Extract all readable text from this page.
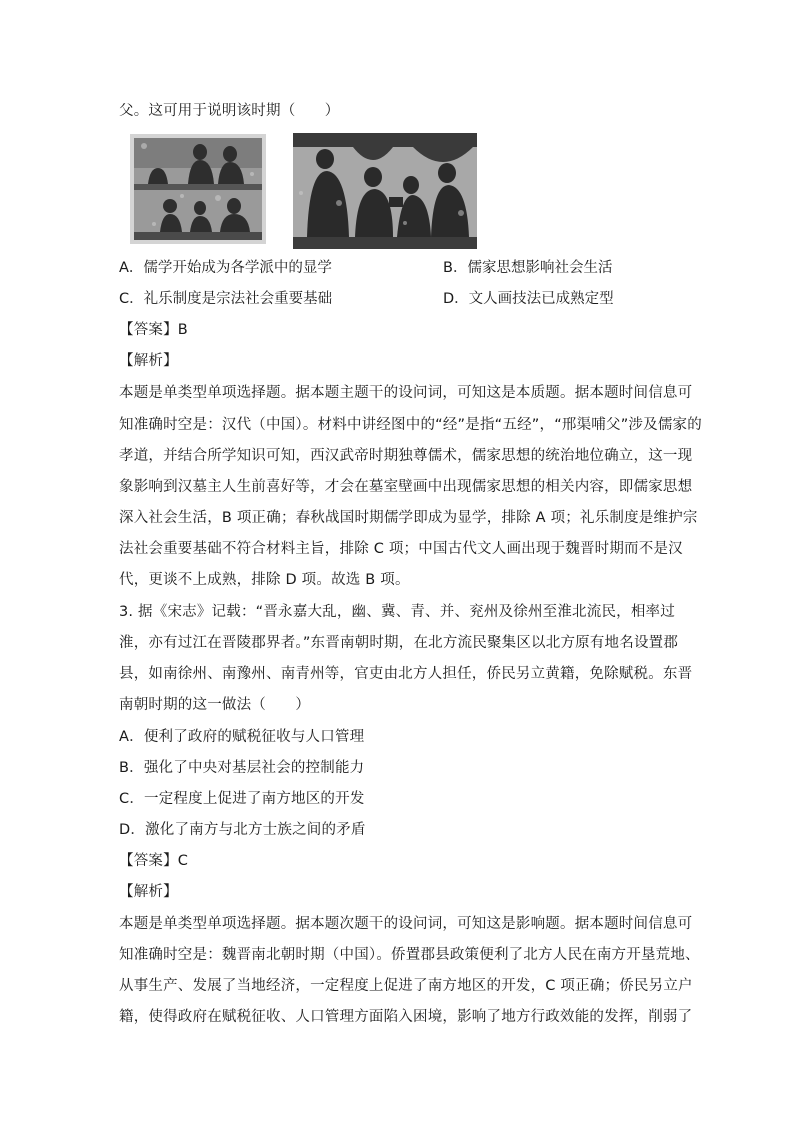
父。这可用于说明该时期（　　）
A．儒学开始成为各学派中的显学	B．儒家思想影响社会生活
C．礼乐制度是宗法社会重要基础	D．文人画技法已成熟定型
【答案】B
【解析】
本题是单类型单项选择题。据本题主题干的设问词，可知这是本质题。据本题时间信息可
知准确时空是：汉代（中国）。材料中讲经图中的“经”是指“五经”，“邢渠哺父”涉及儒家的
孝道，并结合所学知识可知，西汉武帝时期独尊儒术，儒家思想的统治地位确立，这一现
象影响到汉墓主人生前喜好等，才会在墓室壁画中出现儒家思想的相关内容，即儒家思想
深入社会生活，B 项正确；春秋战国时期儒学即成为显学，排除 A 项；礼乐制度是维护宗
法社会重要基础不符合材料主旨，排除 C 项；中国古代文人画出现于魏晋时期而不是汉
代，更谈不上成熟，排除 D 项。故选 B 项。
3. 据《宋志》记载：“晋永嘉大乱，幽、冀、青、并、兖州及徐州至淮北流民，相率过
淮，亦有过江在晋陵郡界者。”东晋南朝时期，在北方流民聚集区以北方原有地名设置郡
县，如南徐州、南豫州、南青州等，官吏由北方人担任，侨民另立黄籍，免除赋税。东晋
南朝时期的这一做法（　　）
A．便利了政府的赋税征收与人口管理
B．强化了中央对基层社会的控制能力
C．一定程度上促进了南方地区的开发
D．激化了南方与北方士族之间的矛盾
【答案】C
【解析】
本题是单类型单项选择题。据本题次题干的设问词，可知这是影响题。据本题时间信息可
知准确时空是：魏晋南北朝时期（中国）。侨置郡县政策便利了北方人民在南方开垦荒地、
从事生产、发展了当地经济，一定程度上促进了南方地区的开发，C 项正确；侨民另立户
籍，使得政府在赋税征收、人口管理方面陷入困境，影响了地方行政效能的发挥，削弱了
